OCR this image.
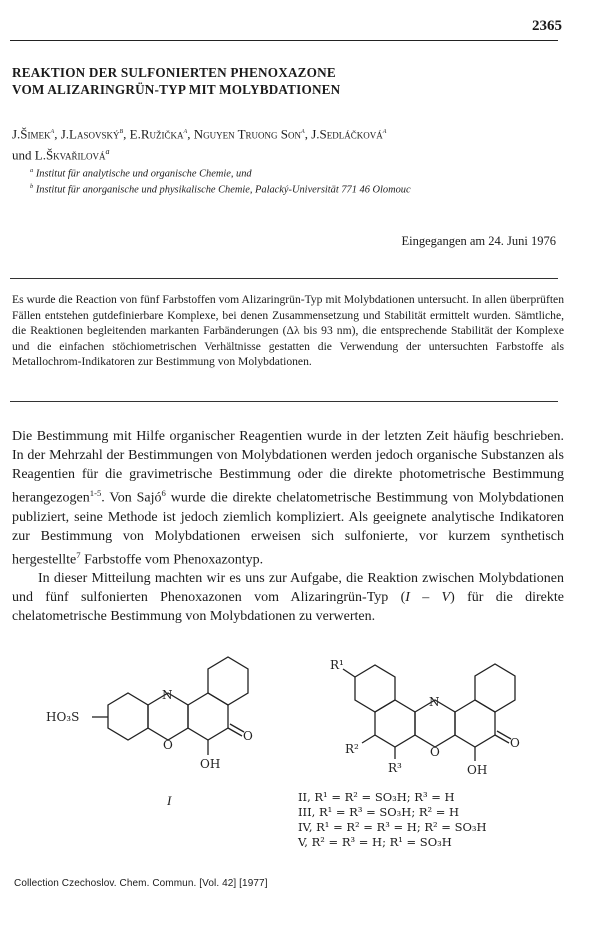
2365
REAKTION DER SULFONIERTEN PHENOXAZONE
VOM ALIZARINGRÜN-TYP MIT MOLYBDATIONEN
J.Šimek$^a$, J.Lasovský$^b$, E.Ružička$^a$, Nguyen Truong Son$^a$, J.Sedláčková$^a$
und L.Škvařilová$^a$
$^a$ Institut für analytische und organische Chemie, und
$^b$ Institut für anorganische und physikalische Chemie, Palacký-Universität 771 46 Olomouc
Eingegangen am 24. Juni 1976
Es wurde die Reaction von fünf Farbstoffen vom Alizaringrün-Typ mit Molybdationen untersucht. In allen überprüften Fällen entstehen gutdefinierbare Komplexe, bei denen Zusammensetzung und Stabilität ermittelt wurden. Sämtliche, die Reaktionen begleitenden markanten Farbänderungen (Δλ bis 93 nm), die entsprechende Stabilität der Komplexe und die einfachen stöchiometrischen Verhältnisse gestatten die Verwendung der untersuchten Farbstoffe als Metallochrom-Indikatoren zur Bestimmung von Molybdationen.

Die Bestimmung mit Hilfe organischer Reagentien wurde in der letzten Zeit häufig beschrieben. In der Mehrzahl der Bestimmungen von Molybdationen werden jedoch organische Substanzen als Reagentien für die gravimetrische Bestimmung oder die direkte photometrische Bestimmung herangezogen$^{1-5}$. Von Sajó$^6$ wurde die direkte chelatometrische Bestimmung von Molybdationen publiziert, seine Methode ist jedoch ziemlich kompliziert. Als geeignete analytische Indikatoren zur Bestimmung von Molybdationen erweisen sich sulfonierte, vor kurzem synthetisch hergestellte$^7$ Farbstoffe vom Phenoxazontyp.

In dieser Mitteilung machten wir es uns zur Aufgabe, die Reaktion zwischen Molybdationen und fünf sulfonierten Phenoxazonen vom Alizaringrün-Typ (I – V) für die direkte chelatometrische Bestimmung von Molybdationen zu verwerten.

N
O
O
OH
HO₃S
R¹
R²
R³
N
O
O
OH
I	II, R¹ = R² = SO₃H; R³ = H
III, R¹ = R³ = SO₃H; R² = H
IV, R¹ = R² = R³ = H; R² = SO₃H
V, R² = R³ = H; R¹ = SO₃H
Collection Czechoslov. Chem. Commun. [Vol. 42] [1977]
